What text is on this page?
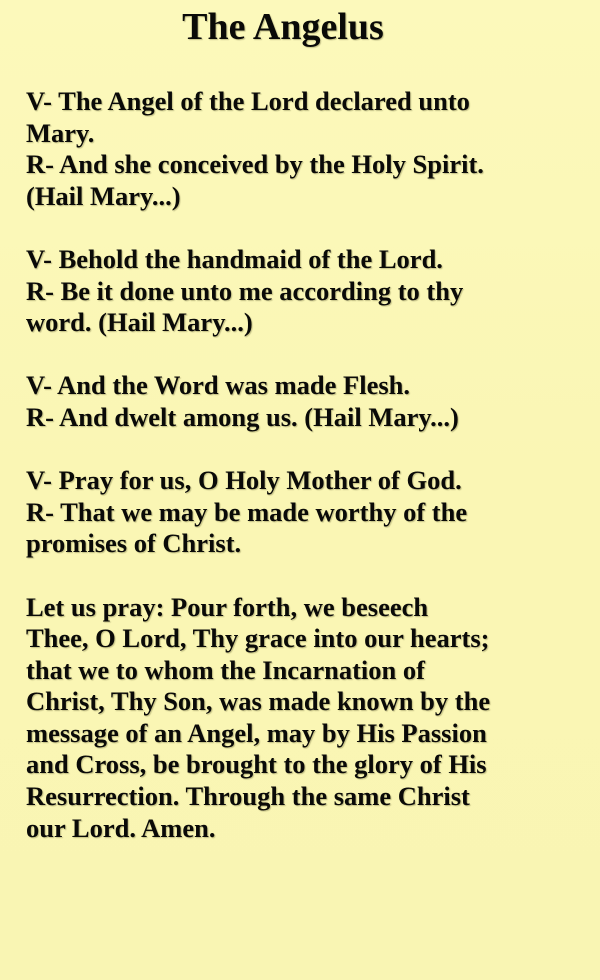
The Angelus
V- The Angel of the Lord declared unto
Mary.
R- And she conceived by the Holy Spirit.
(Hail Mary...)
V- Behold the handmaid of the Lord.
R- Be it done unto me according to thy
word. (Hail Mary...)
V- And the Word was made Flesh.
R- And dwelt among us. (Hail Mary...)
V- Pray for us, O Holy Mother of God.
R- That we may be made worthy of the
promises of Christ.
Let us pray: Pour forth, we beseech
Thee, O Lord, Thy grace into our hearts;
that we to whom the Incarnation of
Christ, Thy Son, was made known by the
message of an Angel, may by His Passion
and Cross, be brought to the glory of His
Resurrection. Through the same Christ
our Lord. Amen.
